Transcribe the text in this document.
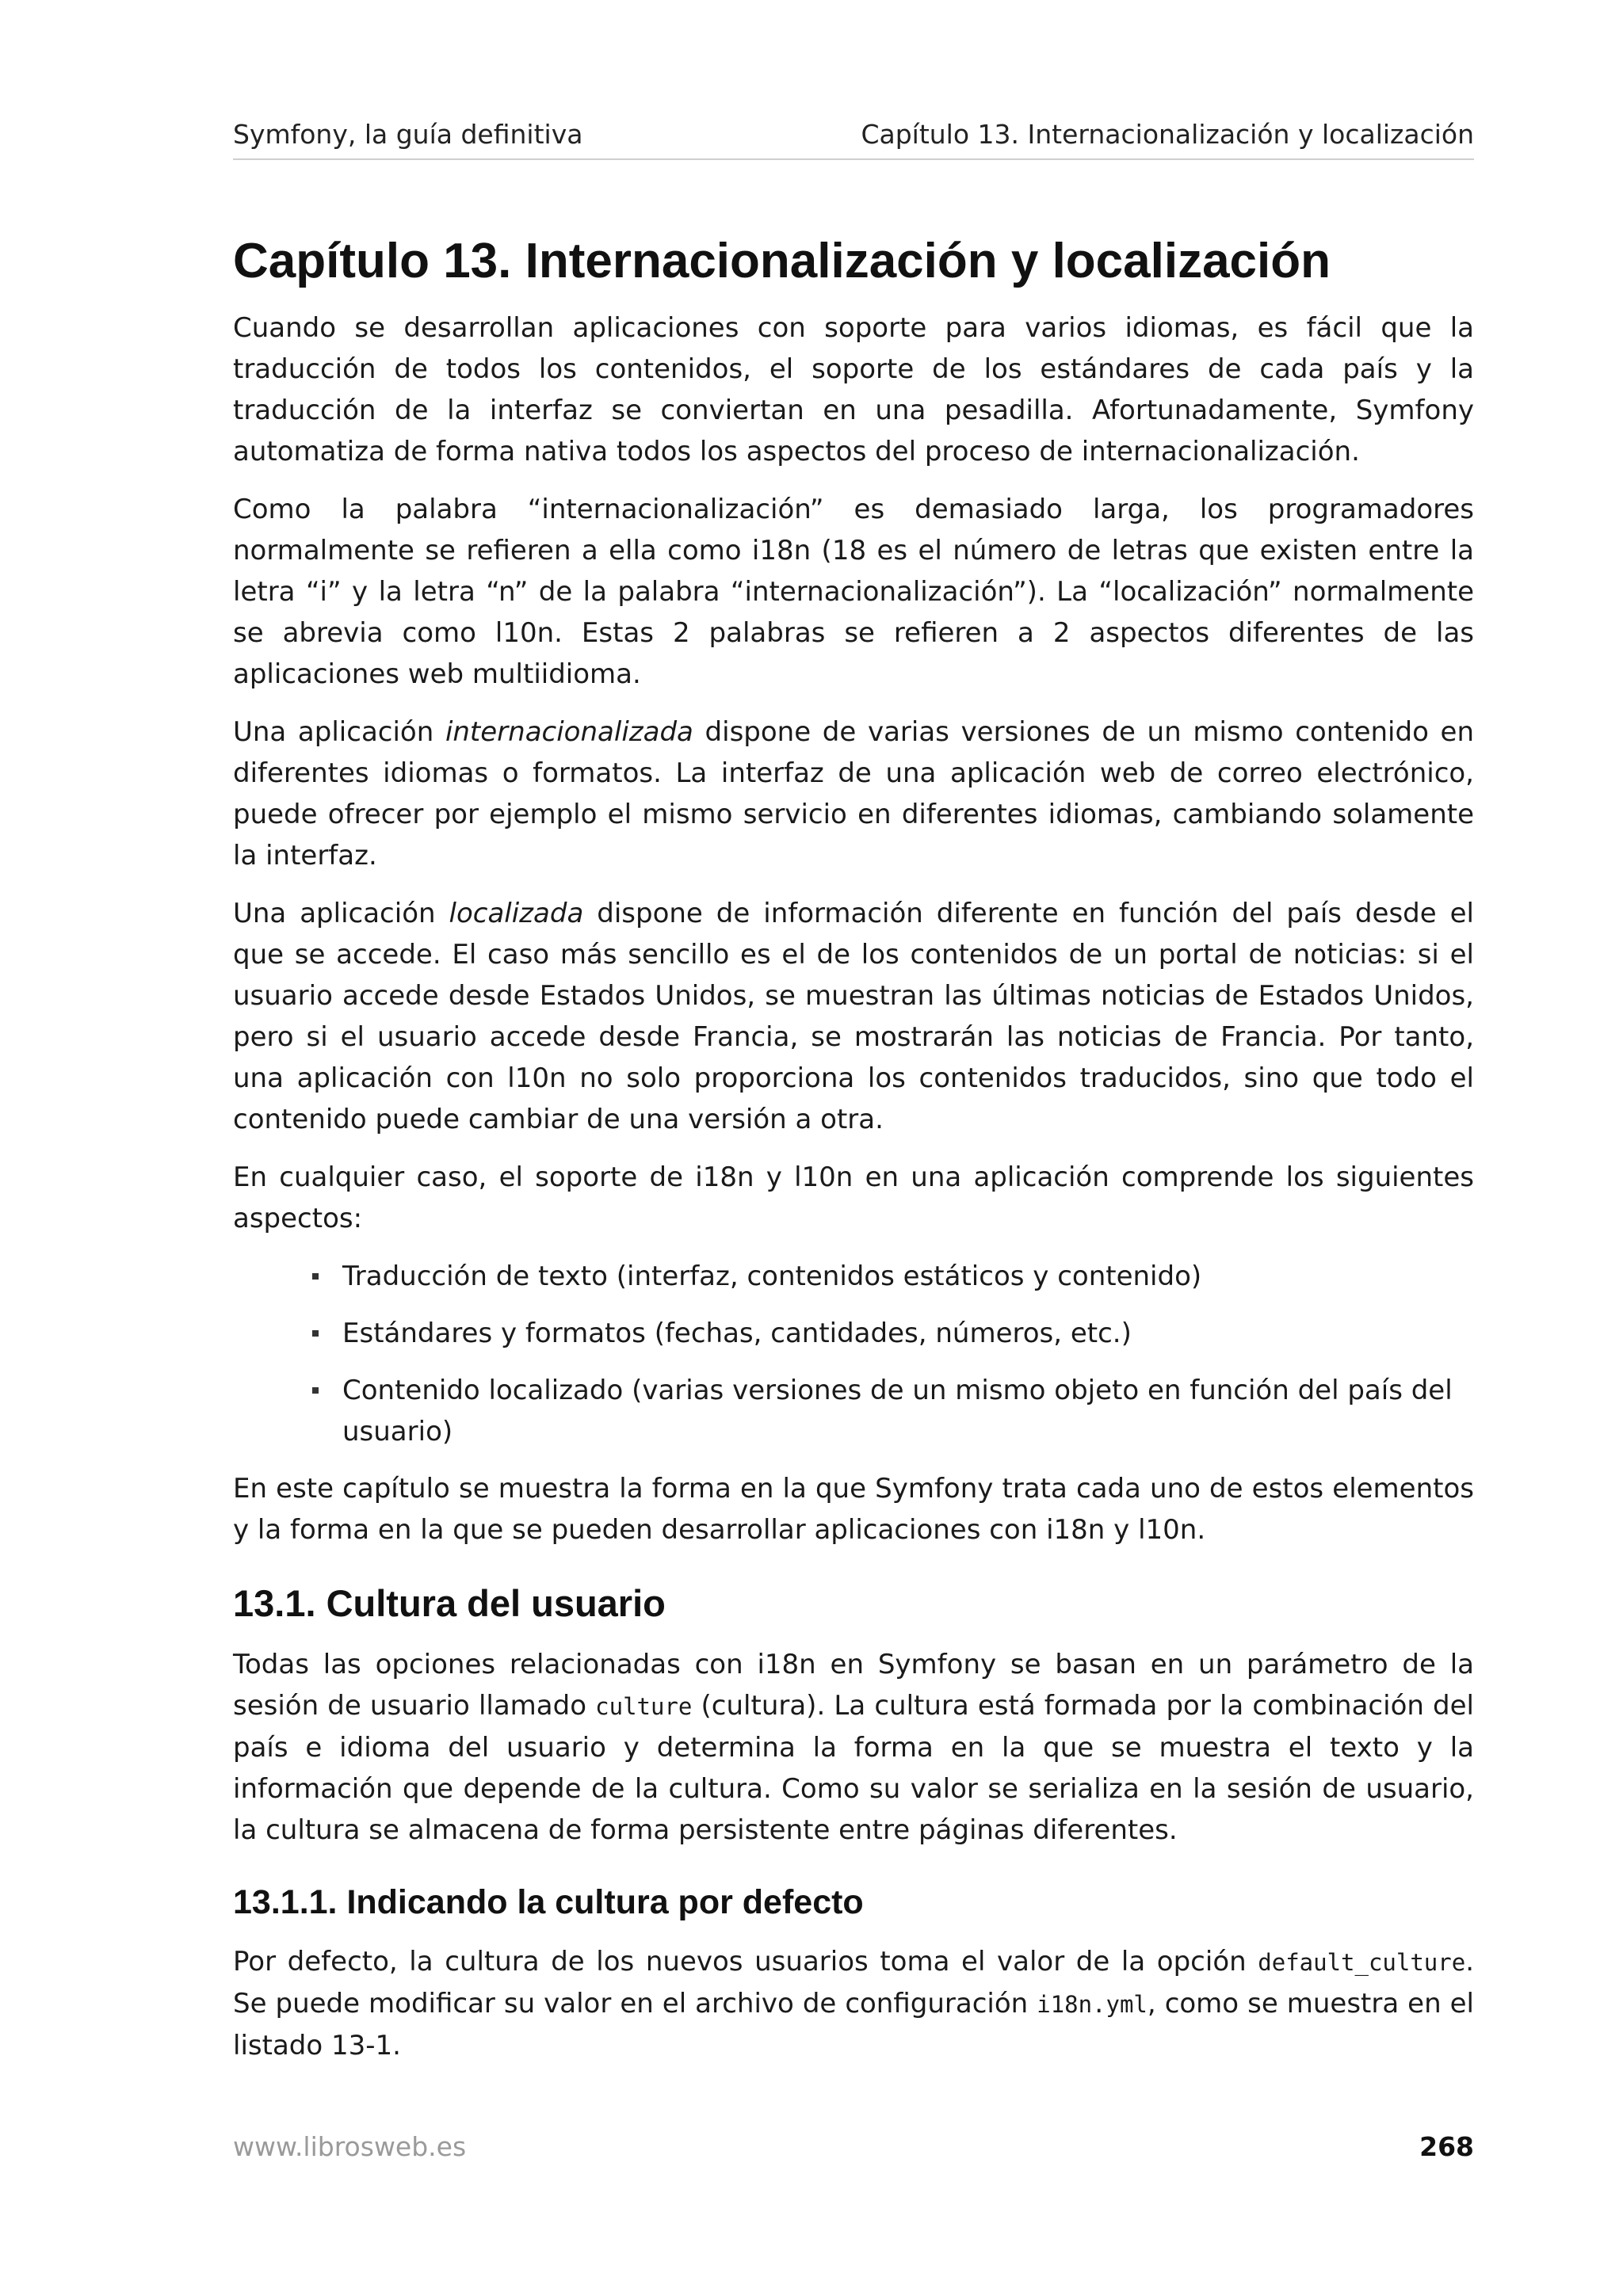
Symfony, la guía definitiva	Capítulo 13. Internacionalización y localización
Capítulo 13. Internacionalización y localización

Cuando se desarrollan aplicaciones con soporte para varios idiomas, es fácil que la traducción de todos los contenidos, el soporte de los estándares de cada país y la traducción de la interfaz se conviertan en una pesadilla. Afortunadamente, Symfony automatiza de forma nativa todos los aspectos del proceso de internacionalización.

Como la palabra “internacionalización” es demasiado larga, los programadores normalmente se refieren a ella como i18n (18 es el número de letras que existen entre la letra “i” y la letra “n” de la palabra “internacionalización”). La “localización” normalmente se abrevia como l10n. Estas 2 palabras se refieren a 2 aspectos diferentes de las aplicaciones web multiidioma.

Una aplicación internacionalizada dispone de varias versiones de un mismo contenido en diferentes idiomas o formatos. La interfaz de una aplicación web de correo electrónico, puede ofrecer por ejemplo el mismo servicio en diferentes idiomas, cambiando solamente la interfaz.

Una aplicación localizada dispone de información diferente en función del país desde el que se accede. El caso más sencillo es el de los contenidos de un portal de noticias: si el usuario accede desde Estados Unidos, se muestran las últimas noticias de Estados Unidos, pero si el usuario accede desde Francia, se mostrarán las noticias de Francia. Por tanto, una aplicación con l10n no solo proporciona los contenidos traducidos, sino que todo el contenido puede cambiar de una versión a otra.

En cualquier caso, el soporte de i18n y l10n en una aplicación comprende los siguientes aspectos:

Traducción de texto (interfaz, contenidos estáticos y contenido)
Estándares y formatos (fechas, cantidades, números, etc.)
Contenido localizado (varias versiones de un mismo objeto en función del país del usuario)

En este capítulo se muestra la forma en la que Symfony trata cada uno de estos elementos y la forma en la que se pueden desarrollar aplicaciones con i18n y l10n.

13.1. Cultura del usuario

Todas las opciones relacionadas con i18n en Symfony se basan en un parámetro de la sesión de usuario llamado culture (cultura). La cultura está formada por la combinación del país e idioma del usuario y determina la forma en la que se muestra el texto y la información que depende de la cultura. Como su valor se serializa en la sesión de usuario, la cultura se almacena de forma persistente entre páginas diferentes.

13.1.1. Indicando la cultura por defecto

Por defecto, la cultura de los nuevos usuarios toma el valor de la opción default_culture. Se puede modificar su valor en el archivo de configuración i18n.yml, como se muestra en el listado 13-1.

www.librosweb.es	268
